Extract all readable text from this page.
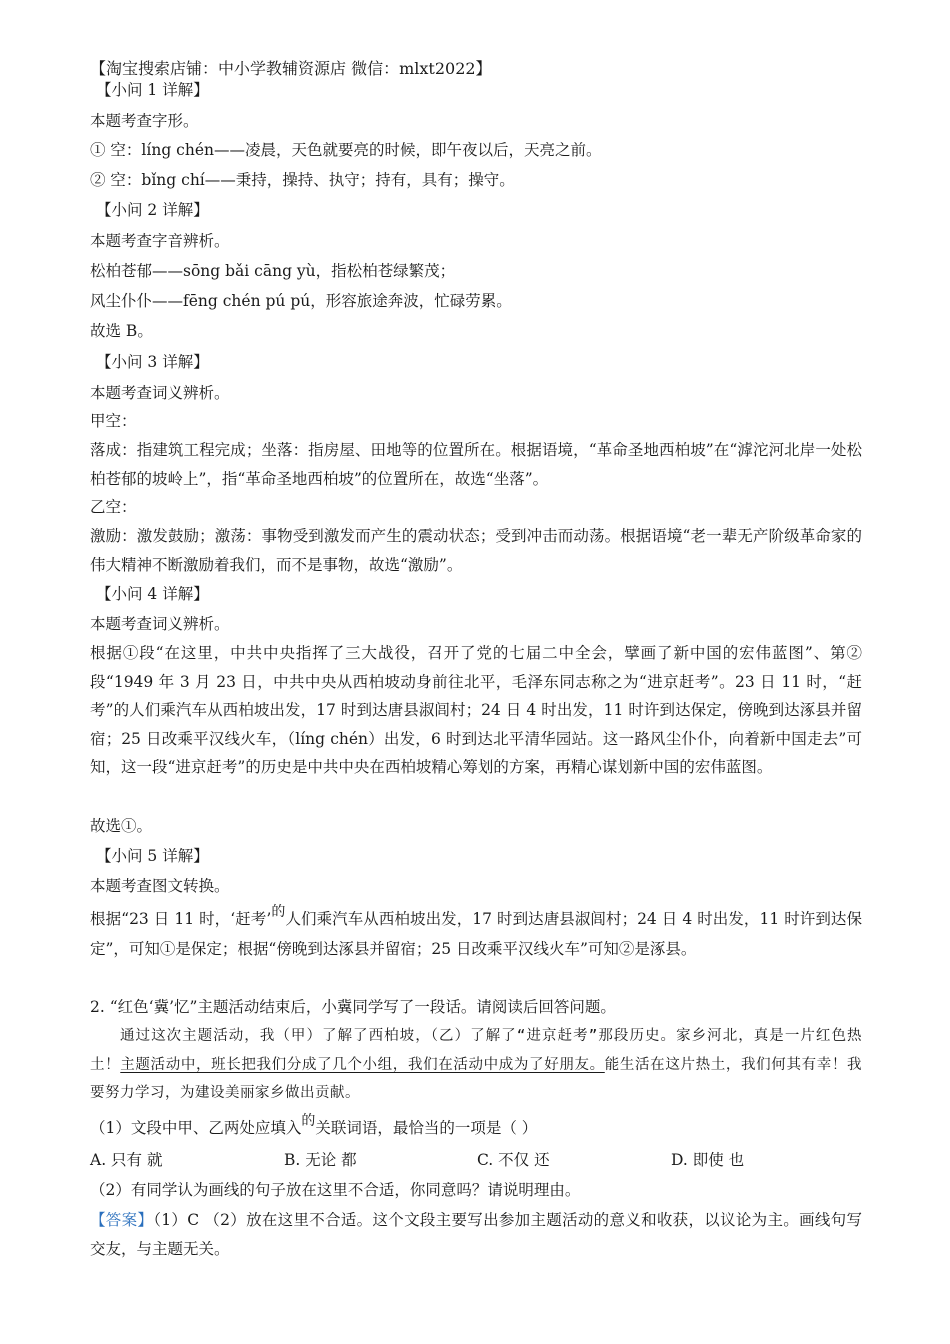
【淘宝搜索店铺：中小学教辅资源店 微信：mlxt2022】
【小问 1 详解】
本题考查字形。
① 空：líng chén——凌晨，天色就要亮的时候，即午夜以后，天亮之前。
② 空：bǐng chí——秉持，操持、执守；持有，具有；操守。
【小问 2 详解】
本题考查字音辨析。
松柏苍郁——sōng bǎi cāng yù，指松柏苍绿繁茂；
风尘仆仆——fēng chén pú pú，形容旅途奔波，忙碌劳累。
故选 B。
【小问 3 详解】
本题考查词义辨析。
甲空：
落成：指建筑工程完成；坐落：指房屋、田地等的位置所在。根据语境，“革命圣地西柏坡”在“滹沱河北岸一处松柏苍郁的坡岭上”，指“革命圣地西柏坡”的位置所在，故选“坐落”。
乙空：
激励：激发鼓励；激荡：事物受到激发而产生的震动状态；受到冲击而动荡。根据语境“老一辈无产阶级革命家的伟大精神不断激励着我们，而不是事物，故选“激励”。
【小问 4 详解】
本题考查词义辨析。
根据①段“在这里，中共中央指挥了三大战役，召开了党的七届二中全会，擘画了新中国的宏伟蓝图”、第②段“1949 年 3 月 23 日，中共中央从西柏坡动身前往北平，毛泽东同志称之为“进京赶考”。23 日 11 时，“赶考”的人们乘汽车从西柏坡出发，17 时到达唐县淑闾村；24 日 4 时出发，11 时许到达保定，傍晚到达涿县并留宿；25 日改乘平汉线火车，（líng chén）出发，6 时到达北平清华园站。这一路风尘仆仆，向着新中国走去”可知，这一段“进京赶考”的历史是中共中央在西柏坡精心筹划的方案，再精心谋划新中国的宏伟蓝图。
故选①。
【小问 5 详解】
本题考查图文转换。
根据“23 日 11 时，‘赶考’的人们乘汽车从西柏坡出发，17 时到达唐县淑闾村；24 日 4 时出发，11 时许到达保定”，可知①是保定；根据“傍晚到达涿县并留宿；25 日改乘平汉线火车”可知②是涿县。
2. “红色‘冀’忆”主题活动结束后，小冀同学写了一段话。请阅读后回答问题。
通过这次主题活动，我（甲）了解了西柏坡，（乙）了解了“进京赶考”那段历史。家乡河北，真是一片红色热土！主题活动中，班长把我们分成了几个小组，我们在活动中成为了好朋友。能生活在这片热土，我们何其有幸！我要努力学习，为建设美丽家乡做出贡献。
（1）文段中甲、乙两处应填入的关联词语，最恰当的一项是（ ）
A. 只有 就	B. 无论 都	C. 不仅 还	D. 即使 也
（2）有同学认为画线的句子放在这里不合适，你同意吗？请说明理由。
【答案】（1）C （2）放在这里不合适。这个文段主要写出参加主题活动的意义和收获，以议论为主。画线句写交友，与主题无关。
